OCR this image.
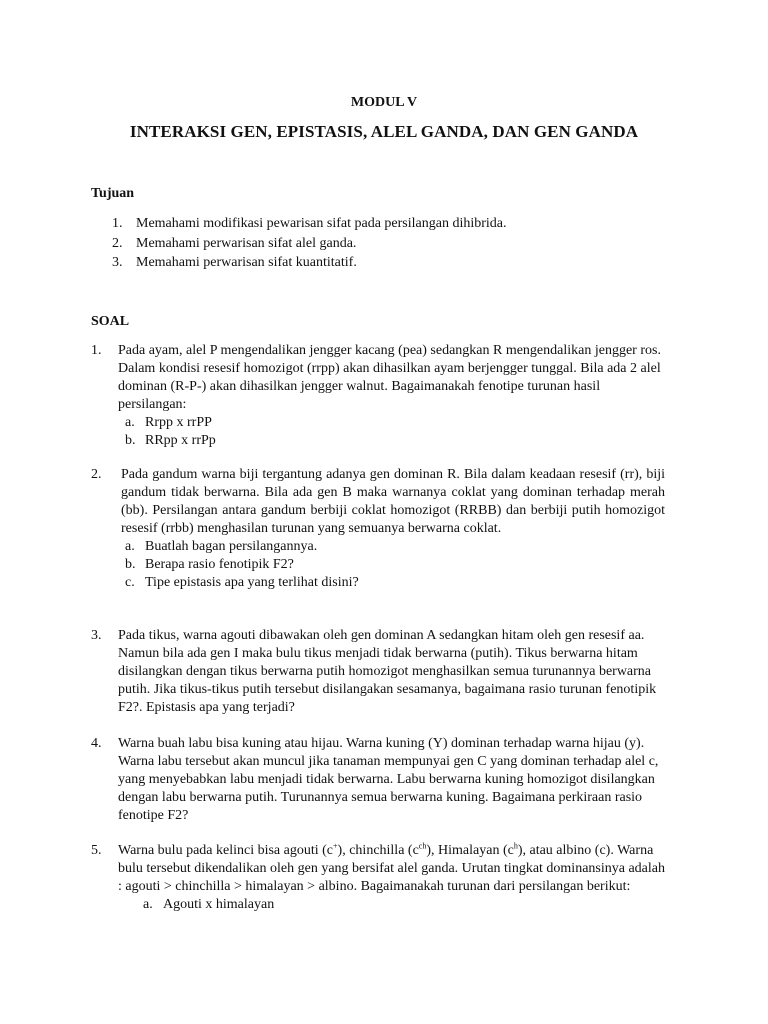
MODUL V
INTERAKSI GEN, EPISTASIS, ALEL GANDA, DAN GEN GANDA
Tujuan
1. Memahami modifikasi pewarisan sifat pada persilangan dihibrida.
2. Memahami perwarisan sifat alel ganda.
3. Memahami perwarisan sifat kuantitatif.
SOAL
1. Pada ayam, alel P mengendalikan jengger kacang (pea) sedangkan R mengendalikan jengger ros. Dalam kondisi resesif homozigot (rrpp) akan dihasilkan ayam berjengger tunggal. Bila ada 2 alel dominan (R-P-) akan dihasilkan jengger walnut. Bagaimanakah fenotipe turunan hasil persilangan:
a. Rrpp x rrPP
b. RRpp x rrPp
2. Pada gandum warna biji tergantung adanya gen dominan R. Bila dalam keadaan resesif (rr), biji gandum tidak berwarna. Bila ada gen B maka warnanya coklat yang dominan terhadap merah (bb). Persilangan antara gandum berbiji coklat homozigot (RRBB) dan berbiji putih homozigot resesif (rrbb) menghasilan turunan yang semuanya berwarna coklat.
a. Buatlah bagan persilangannya.
b. Berapa rasio fenotipik F2?
c. Tipe epistasis apa yang terlihat disini?
3. Pada tikus, warna agouti dibawakan oleh gen dominan A sedangkan hitam oleh gen resesif aa. Namun bila ada gen I maka bulu tikus menjadi tidak berwarna (putih). Tikus berwarna hitam disilangkan dengan tikus berwarna putih homozigot menghasilkan semua turunannya berwarna putih. Jika tikus-tikus putih tersebut disilangakan sesamanya, bagaimana rasio turunan fenotipik F2?. Epistasis apa yang terjadi?
4. Warna buah labu bisa kuning atau hijau. Warna kuning (Y) dominan terhadap warna hijau (y). Warna labu tersebut akan muncul jika tanaman mempunyai gen C yang dominan terhadap alel c, yang menyebabkan labu menjadi tidak berwarna. Labu berwarna kuning homozigot disilangkan dengan labu berwarna putih. Turunannya semua berwarna kuning. Bagaimana perkiraan rasio fenotipe F2?
5. Warna bulu pada kelinci bisa agouti (c+), chinchilla $(c^{ch})$, Himalayan $(c^h)$, atau albino (c). Warna bulu tersebut dikendalikan oleh gen yang bersifat alel ganda. Urutan tingkat dominansinya adalah : agouti > chinchilla > himalayan > albino. Bagaimanakah turunan dari persilangan berikut:
a. Agouti x himalayan
